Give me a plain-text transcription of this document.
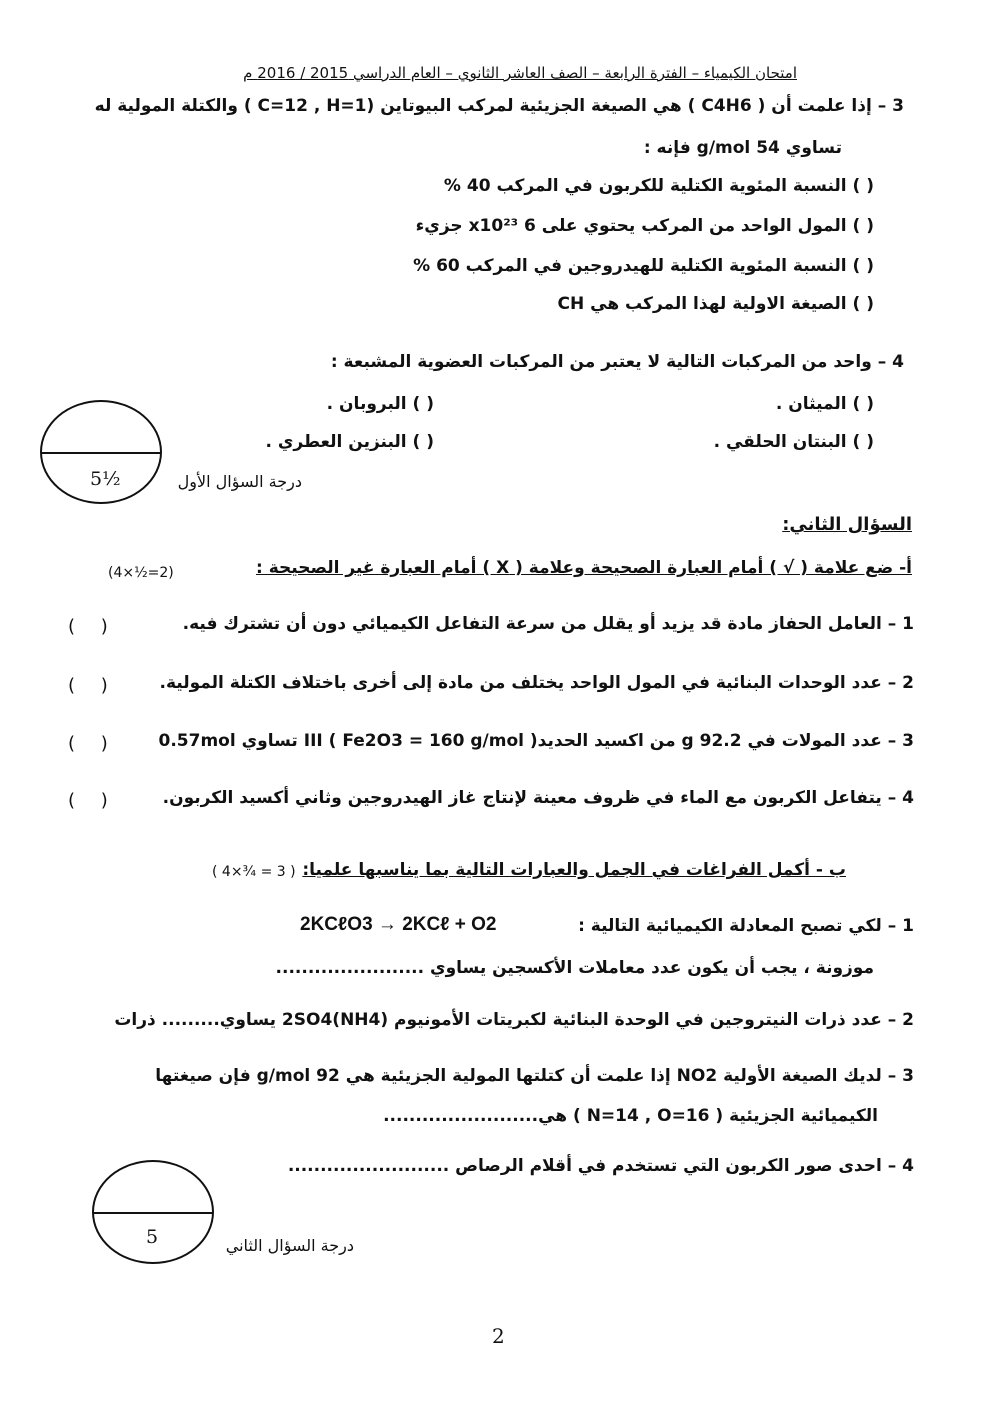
امتحان الكيمياء – الفترة الرابعة – الصف العاشر الثانوي – العام الدراسي 2015 / 2016 م
3 – إذا علمت أن ( C4H6 ) هي الصيغة الجزيئية لمركب البيوتاين (C=12 , H=1 ) والكتلة المولية له
تساوي 54 g/mol فإنه :
( ) النسبة المئوية الكتلية للكربون في المركب 40 %
( ) المول الواحد من المركب يحتوي على 6 x10²³ جزيء
( ) النسبة المئوية الكتلية للهيدروجين في المركب 60 %
( ) الصيغة الاولية لهذا المركب هي CH
4 – واحد من المركبات التالية لا يعتبر من المركبات العضوية المشبعة :
( ) الميثان .
( ) البروبان .
( ) البنتان الحلقي .
( ) البنزين العطري .
5½	درجة السؤال الأول
السؤال الثاني:
أ- ضع علامة ( √ ) أمام العبارة الصحيحة وعلامة ( X ) أمام العبارة غير الصحيحة :
(4×½=2)
1 – العامل الحفاز مادة قد يزيد أو يقلل من سرعة التفاعل الكيميائي دون أن تشترك فيه.
( )
2 – عدد الوحدات البنائية في المول الواحد يختلف من مادة إلى أخرى باختلاف الكتلة المولية.
( )
3 – عدد المولات في 92.2 g من اكسيد الحديدIII ( Fe2O3 = 160 g/mol ) تساوي 0.57mol
( )
4 – يتفاعل الكربون مع الماء في ظروف معينة لإنتاج غاز الهيدروجين وثاني أكسيد الكربون.
( )
ب - أكمل الفراغات في الجمل والعبارات التالية بما يناسبها علميا:
( 4×¾ = 3 )
1 – لكي تصبح المعادلة الكيميائية التالية :
2KCℓO3 → 2KCℓ + O2
موزونة ، يجب أن يكون عدد معاملات الأكسجين يساوي .......................
2 – عدد ذرات النيتروجين في الوحدة البنائية لكبريتات الأمونيوم (NH4)2SO4 يساوي......... ذرات
3 – لديك الصيغة الأولية NO2 إذا علمت أن كتلتها المولية الجزيئية هي 92 g/mol فإن صيغتها
الكيميائية الجزيئية ( N=14 , O=16 ) هي........................
4 – احدى صور الكربون التي تستخدم في أقلام الرصاص .........................
5	درجة السؤال الثاني
2
